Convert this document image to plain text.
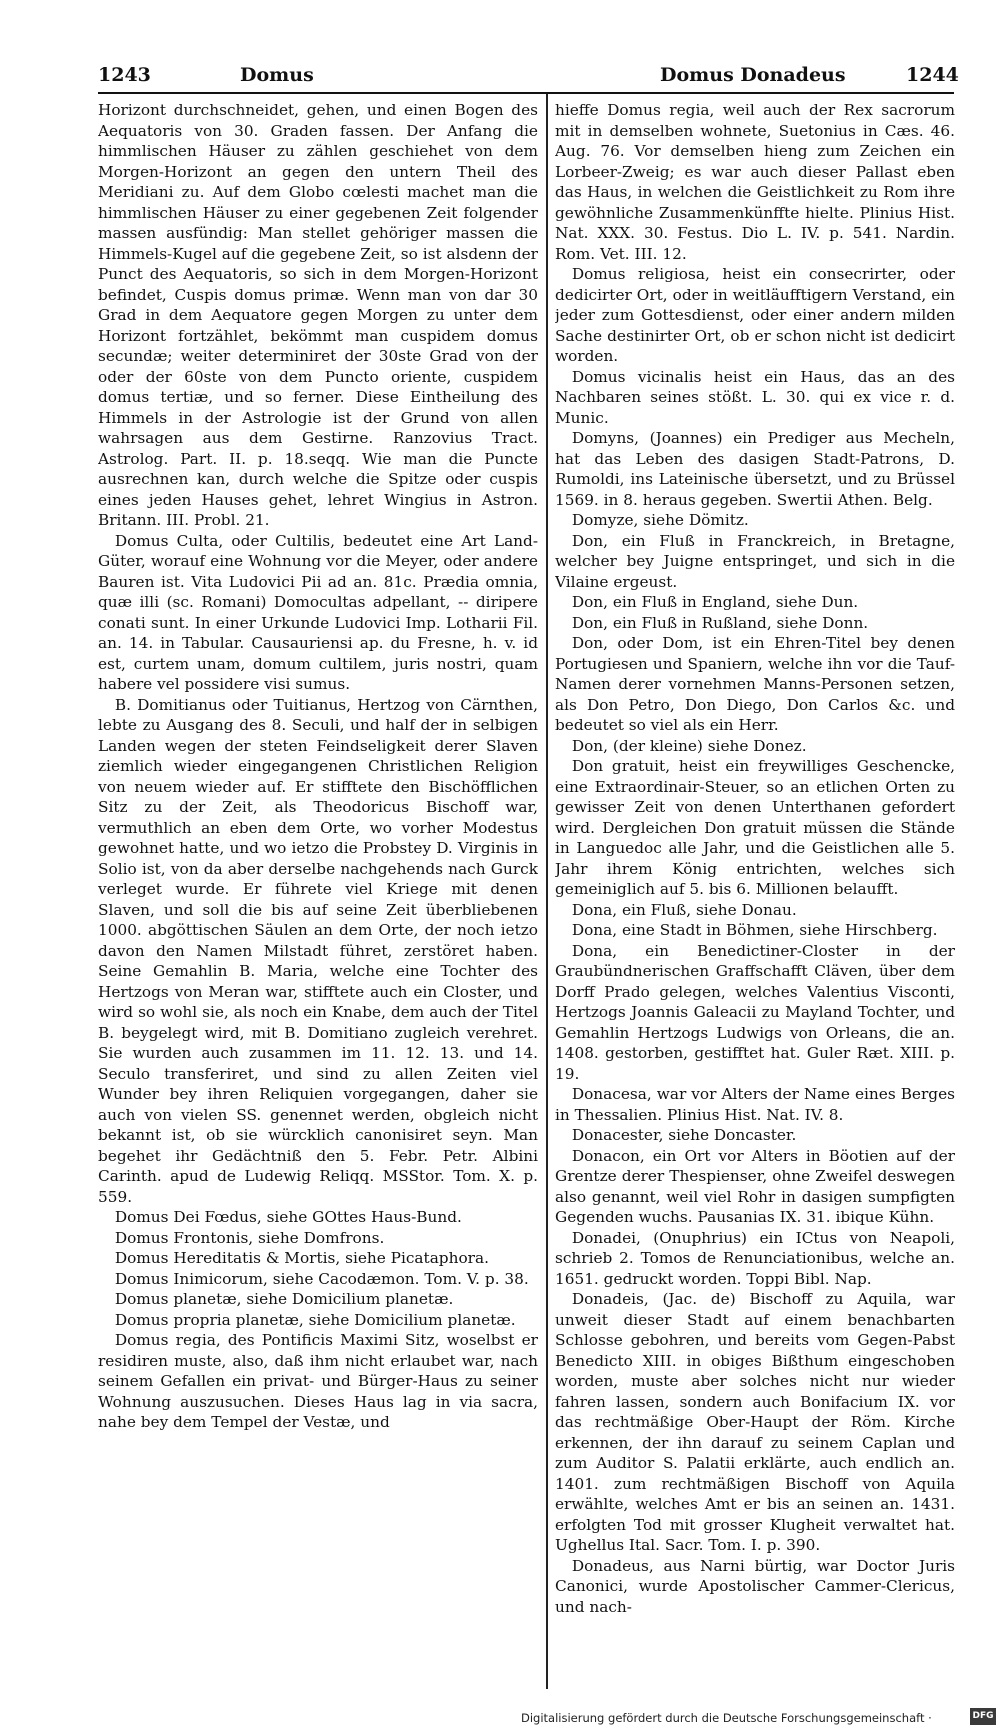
1243	Domus	Domus Donadeus	1244

Horizont durchschneidet, gehen, und einen Bogen des Aequatoris von 30. Graden fassen. Der Anfang die himmlischen Häuser zu zählen geschiehet von dem Morgen-Horizont an gegen den untern Theil des Meridiani zu. Auf dem Globo cœlesti machet man die himmlischen Häuser zu einer gegebenen Zeit folgender massen ausfündig: Man stellet gehöriger massen die Himmels-Kugel auf die gegebene Zeit, so ist alsdenn der Punct des Aequatoris, so sich in dem Morgen-Horizont befindet, Cuspis domus primæ. Wenn man von dar 30 Grad in dem Aequatore gegen Morgen zu unter dem Horizont fortzählet, bekömmt man cuspidem domus secundæ; weiter determiniret der 30ste Grad von der oder der 60ste von dem Puncto oriente, cuspidem domus tertiæ, und so ferner. Diese Eintheilung des Himmels in der Astrologie ist der Grund von allen wahrsagen aus dem Gestirne. Ranzovius Tract. Astrolog. Part. II. p. 18.seqq. Wie man die Puncte ausrechnen kan, durch welche die Spitze oder cuspis eines jeden Hauses gehet, lehret Wingius in Astron. Britann. III. Probl. 21.

Domus Culta, oder Cultilis, bedeutet eine Art Land-Güter, worauf eine Wohnung vor die Meyer, oder andere Bauren ist. Vita Ludovici Pii ad an. 81c. Prædia omnia, quæ illi (sc. Romani) Domocultas adpellant, -- diripere conati sunt. In einer Urkunde Ludovici Imp. Lotharii Fil. an. 14. in Tabular. Causauriensi ap. du Fresne, h. v. id est, curtem unam, domum cultilem, juris nostri, quam habere vel possidere visi sumus.

B. Domitianus oder Tuitianus, Hertzog von Cärnthen, lebte zu Ausgang des 8. Seculi, und half der in selbigen Landen wegen der steten Feindseligkeit derer Slaven ziemlich wieder eingegangenen Christlichen Religion von neuem wieder auf. Er stifftete den Bischöfflichen Sitz zu der Zeit, als Theodoricus Bischoff war, vermuthlich an eben dem Orte, wo vorher Modestus gewohnet hatte, und wo ietzo die Probstey D. Virginis in Solio ist, von da aber derselbe nachgehends nach Gurck verleget wurde. Er führete viel Kriege mit denen Slaven, und soll die bis auf seine Zeit überbliebenen 1000. abgöttischen Säulen an dem Orte, der noch ietzo davon den Namen Milstadt führet, zerstöret haben. Seine Gemahlin B. Maria, welche eine Tochter des Hertzogs von Meran war, stifftete auch ein Closter, und wird so wohl sie, als noch ein Knabe, dem auch der Titel B. beygelegt wird, mit B. Domitiano zugleich verehret. Sie wurden auch zusammen im 11. 12. 13. und 14. Seculo transferiret, und sind zu allen Zeiten viel Wunder bey ihren Reliquien vorgegangen, daher sie auch von vielen SS. genennet werden, obgleich nicht bekannt ist, ob sie würcklich canonisiret seyn. Man begehet ihr Gedächtniß den 5. Febr. Petr. Albini Carinth. apud de Ludewig Reliqq. MSStor. Tom. X. p. 559.

Domus Dei Fœdus, siehe GOttes Haus-Bund.

Domus Frontonis, siehe Domfrons.

Domus Hereditatis & Mortis, siehe Picataphora.

Domus Inimicorum, siehe Cacodæmon. Tom. V. p. 38.

Domus planetæ, siehe Domicilium planetæ.

Domus propria planetæ, siehe Domicilium planetæ.

Domus regia, des Pontificis Maximi Sitz, woselbst er residiren muste, also, daß ihm nicht erlaubet war, nach seinem Gefallen ein privat- und Bürger-Haus zu seiner Wohnung auszusuchen. Dieses Haus lag in via sacra, nahe bey dem Tempel der Vestæ, und

hieffe Domus regia, weil auch der Rex sacrorum mit in demselben wohnete, Suetonius in Cæs. 46. Aug. 76. Vor demselben hieng zum Zeichen ein Lorbeer-Zweig; es war auch dieser Pallast eben das Haus, in welchen die Geistlichkeit zu Rom ihre gewöhnliche Zusammenkünffte hielte. Plinius Hist. Nat. XXX. 30. Festus. Dio L. IV. p. 541. Nardin. Rom. Vet. III. 12.

Domus religiosa, heist ein consecrirter, oder dedicirter Ort, oder in weitläufftigern Verstand, ein jeder zum Gottesdienst, oder einer andern milden Sache destinirter Ort, ob er schon nicht ist dedicirt worden.

Domus vicinalis heist ein Haus, das an des Nachbaren seines stößt. L. 30. qui ex vice r. d. Munic.

Domyns, (Joannes) ein Prediger aus Mecheln, hat das Leben des dasigen Stadt-Patrons, D. Rumoldi, ins Lateinische übersetzt, und zu Brüssel 1569. in 8. heraus gegeben. Swertii Athen. Belg.

Domyze, siehe Dömitz.

Don, ein Fluß in Franckreich, in Bretagne, welcher bey Juigne entspringet, und sich in die Vilaine ergeust.

Don, ein Fluß in England, siehe Dun.

Don, ein Fluß in Rußland, siehe Donn.

Don, oder Dom, ist ein Ehren-Titel bey denen Portugiesen und Spaniern, welche ihn vor die Tauf-Namen derer vornehmen Manns-Personen setzen, als Don Petro, Don Diego, Don Carlos &c. und bedeutet so viel als ein Herr.

Don, (der kleine) siehe Donez.

Don gratuit, heist ein freywilliges Geschencke, eine Extraordinair-Steuer, so an etlichen Orten zu gewisser Zeit von denen Unterthanen gefordert wird. Dergleichen Don gratuit müssen die Stände in Languedoc alle Jahr, und die Geistlichen alle 5. Jahr ihrem König entrichten, welches sich gemeiniglich auf 5. bis 6. Millionen belaufft.

Dona, ein Fluß, siehe Donau.

Dona, eine Stadt in Böhmen, siehe Hirschberg.

Dona, ein Benedictiner-Closter in der Graubündnerischen Graffschafft Cläven, über dem Dorff Prado gelegen, welches Valentius Visconti, Hertzogs Joannis Galeacii zu Mayland Tochter, und Gemahlin Hertzogs Ludwigs von Orleans, die an. 1408. gestorben, gestifftet hat. Guler Ræt. XIII. p. 19.

Donacesa, war vor Alters der Name eines Berges in Thessalien. Plinius Hist. Nat. IV. 8.

Donacester, siehe Doncaster.

Donacon, ein Ort vor Alters in Böotien auf der Grentze derer Thespienser, ohne Zweifel deswegen also genannt, weil viel Rohr in dasigen sumpfigten Gegenden wuchs. Pausanias IX. 31. ibique Kühn.

Donadei, (Onuphrius) ein ICtus von Neapoli, schrieb 2. Tomos de Renunciationibus, welche an. 1651. gedruckt worden. Toppi Bibl. Nap.

Donadeis, (Jac. de) Bischoff zu Aquila, war unweit dieser Stadt auf einem benachbarten Schlosse gebohren, und bereits vom Gegen-Pabst Benedicto XIII. in obiges Bißthum eingeschoben worden, muste aber solches nicht nur wieder fahren lassen, sondern auch Bonifacium IX. vor das rechtmäßige Ober-Haupt der Röm. Kirche erkennen, der ihn darauf zu seinem Caplan und zum Auditor S. Palatii erklärte, auch endlich an. 1401. zum rechtmäßigen Bischoff von Aquila erwählte, welches Amt er bis an seinen an. 1431. erfolgten Tod mit grosser Klugheit verwaltet hat. Ughellus Ital. Sacr. Tom. I. p. 390.

Donadeus, aus Narni bürtig, war Doctor Juris Canonici, wurde Apostolischer Cammer-Clericus, und nach-

Digitalisierung gefördert durch die Deutsche Forschungsgemeinschaft ·	DFG
